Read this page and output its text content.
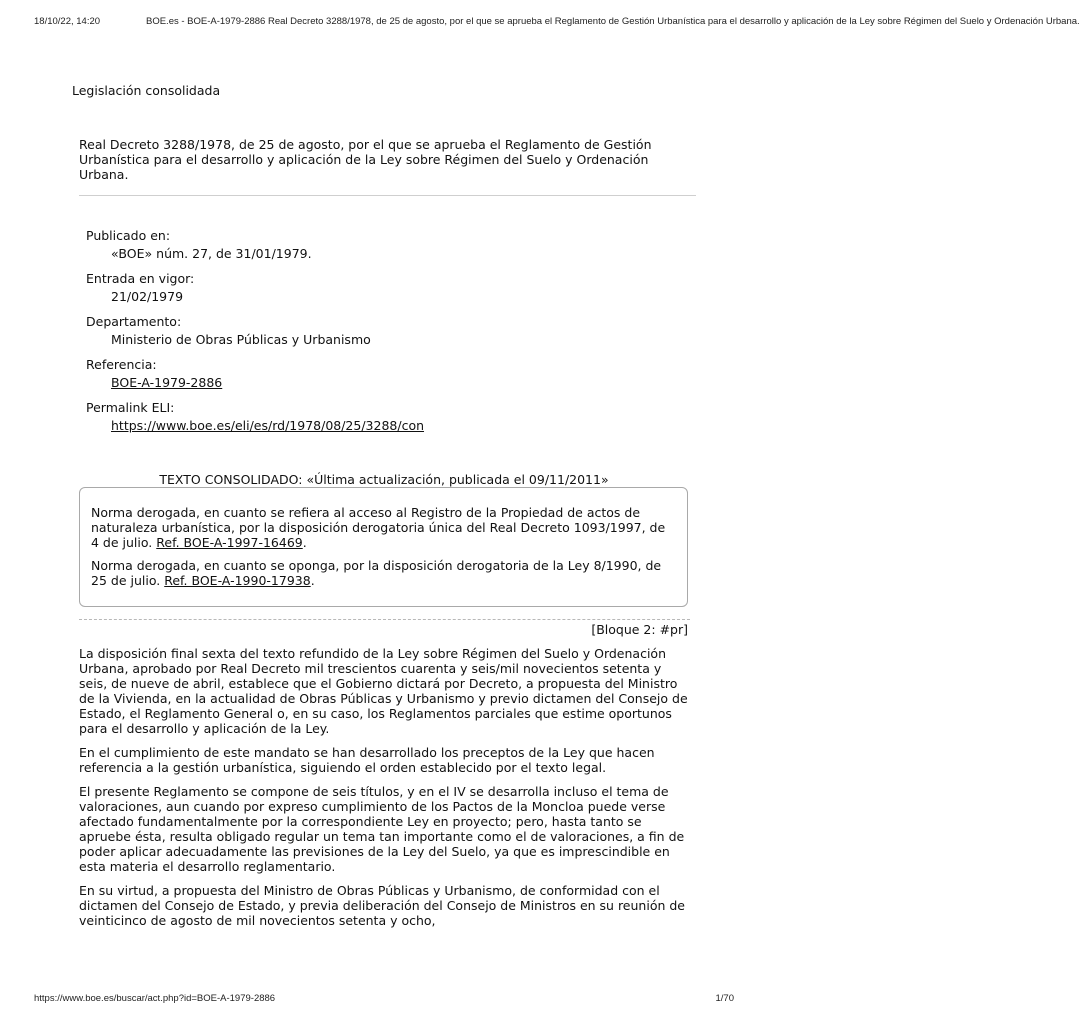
18/10/22, 14:20	BOE.es - BOE-A-1979-2886 Real Decreto 3288/1978, de 25 de agosto, por el que se aprueba el Reglamento de Gestión Urbanística para el desarrollo y aplicación de la Ley sobre Régimen del Suelo y Ordenación Urbana.
Legislación consolidada
Real Decreto 3288/1978, de 25 de agosto, por el que se aprueba el Reglamento de Gestión Urbanística para el desarrollo y aplicación de la Ley sobre Régimen del Suelo y Ordenación Urbana.
Publicado en:
«BOE» núm. 27, de 31/01/1979.
Entrada en vigor:
21/02/1979
Departamento:
Ministerio de Obras Públicas y Urbanismo
Referencia:
BOE-A-1979-2886
Permalink ELI:
https://www.boe.es/eli/es/rd/1978/08/25/3288/con
TEXTO CONSOLIDADO: «Última actualización, publicada el 09/11/2011»

Norma derogada, en cuanto se refiera al acceso al Registro de la Propiedad de actos de naturaleza urbanística, por la disposición derogatoria única del Real Decreto 1093/1997, de 4 de julio. Ref. BOE-A-1997-16469.

Norma derogada, en cuanto se oponga, por la disposición derogatoria de la Ley 8/1990, de 25 de julio. Ref. BOE-A-1990-17938.

[Bloque 2: #pr]

La disposición final sexta del texto refundido de la Ley sobre Régimen del Suelo y Ordenación Urbana, aprobado por Real Decreto mil trescientos cuarenta y seis/mil novecientos setenta y seis, de nueve de abril, establece que el Gobierno dictará por Decreto, a propuesta del Ministro de la Vivienda, en la actualidad de Obras Públicas y Urbanismo y previo dictamen del Consejo de Estado, el Reglamento General o, en su caso, los Reglamentos parciales que estime oportunos para el desarrollo y aplicación de la Ley.

En el cumplimiento de este mandato se han desarrollado los preceptos de la Ley que hacen referencia a la gestión urbanística, siguiendo el orden establecido por el texto legal.

El presente Reglamento se compone de seis títulos, y en el IV se desarrolla incluso el tema de valoraciones, aun cuando por expreso cumplimiento de los Pactos de la Moncloa puede verse afectado fundamentalmente por la correspondiente Ley en proyecto; pero, hasta tanto se apruebe ésta, resulta obligado regular un tema tan importante como el de valoraciones, a fin de poder aplicar adecuadamente las previsiones de la Ley del Suelo, ya que es imprescindible en esta materia el desarrollo reglamentario.

En su virtud, a propuesta del Ministro de Obras Públicas y Urbanismo, de conformidad con el dictamen del Consejo de Estado, y previa deliberación del Consejo de Ministros en su reunión de veinticinco de agosto de mil novecientos setenta y ocho,

https://www.boe.es/buscar/act.php?id=BOE-A-1979-2886	1/70
